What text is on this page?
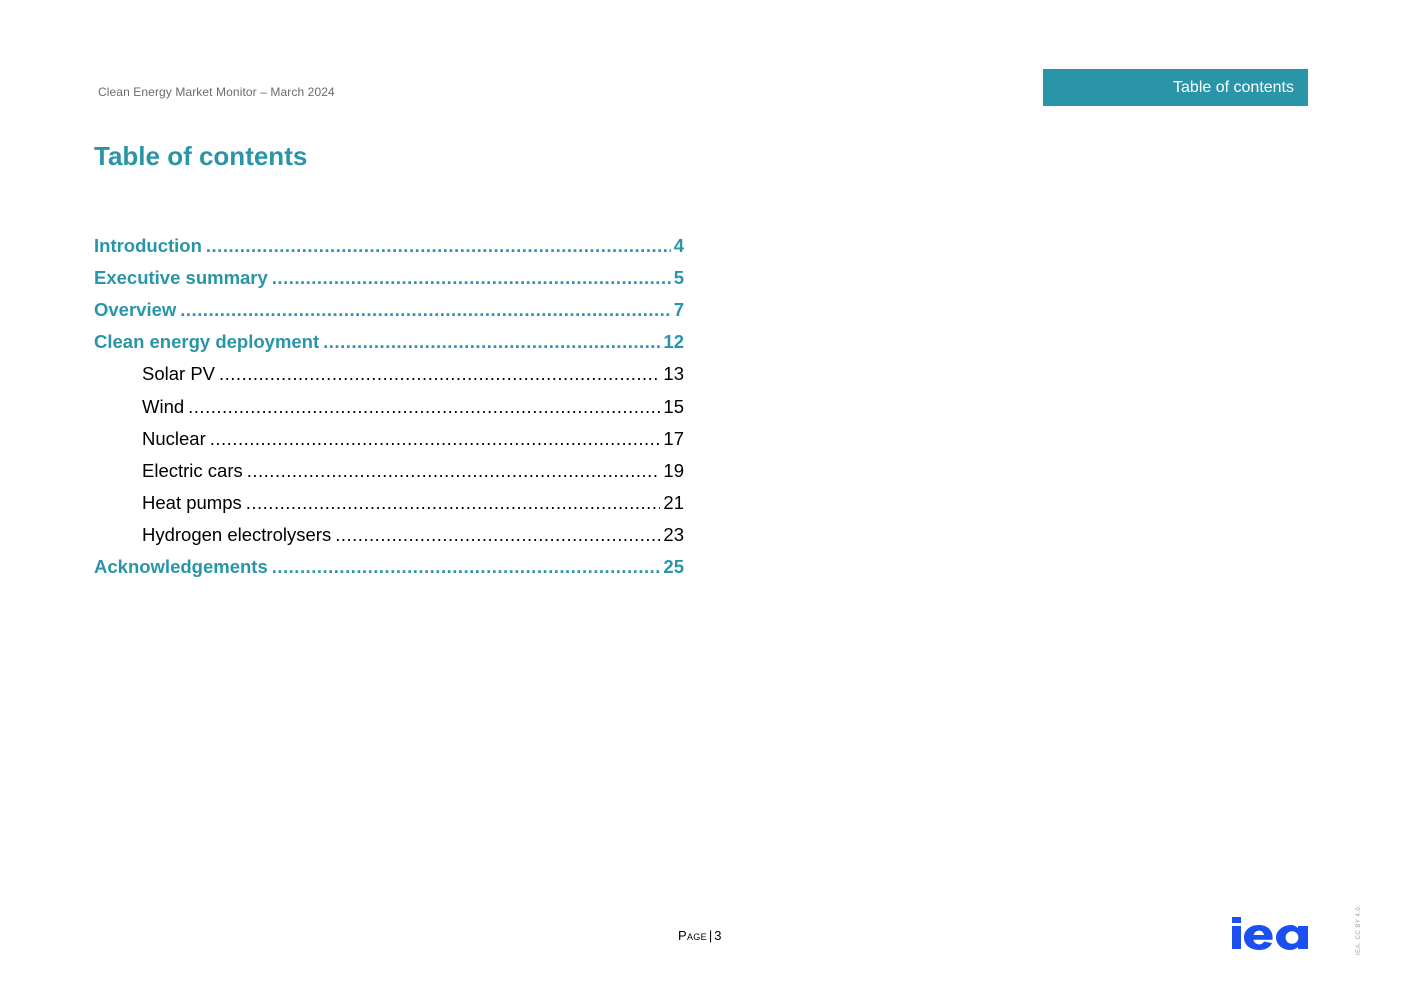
Clean Energy Market Monitor – March 2024	Table of contents
Table of contents
Introduction .....	4
Executive summary .....	5
Overview .....	7
Clean energy deployment .....	12
Solar PV .....	13
Wind .....	15
Nuclear .....	17
Electric cars .....	19
Heat pumps .....	21
Hydrogen electrolysers .....	23
Acknowledgements .....	25
Page | 3	IEA. CC BY 4.0.
